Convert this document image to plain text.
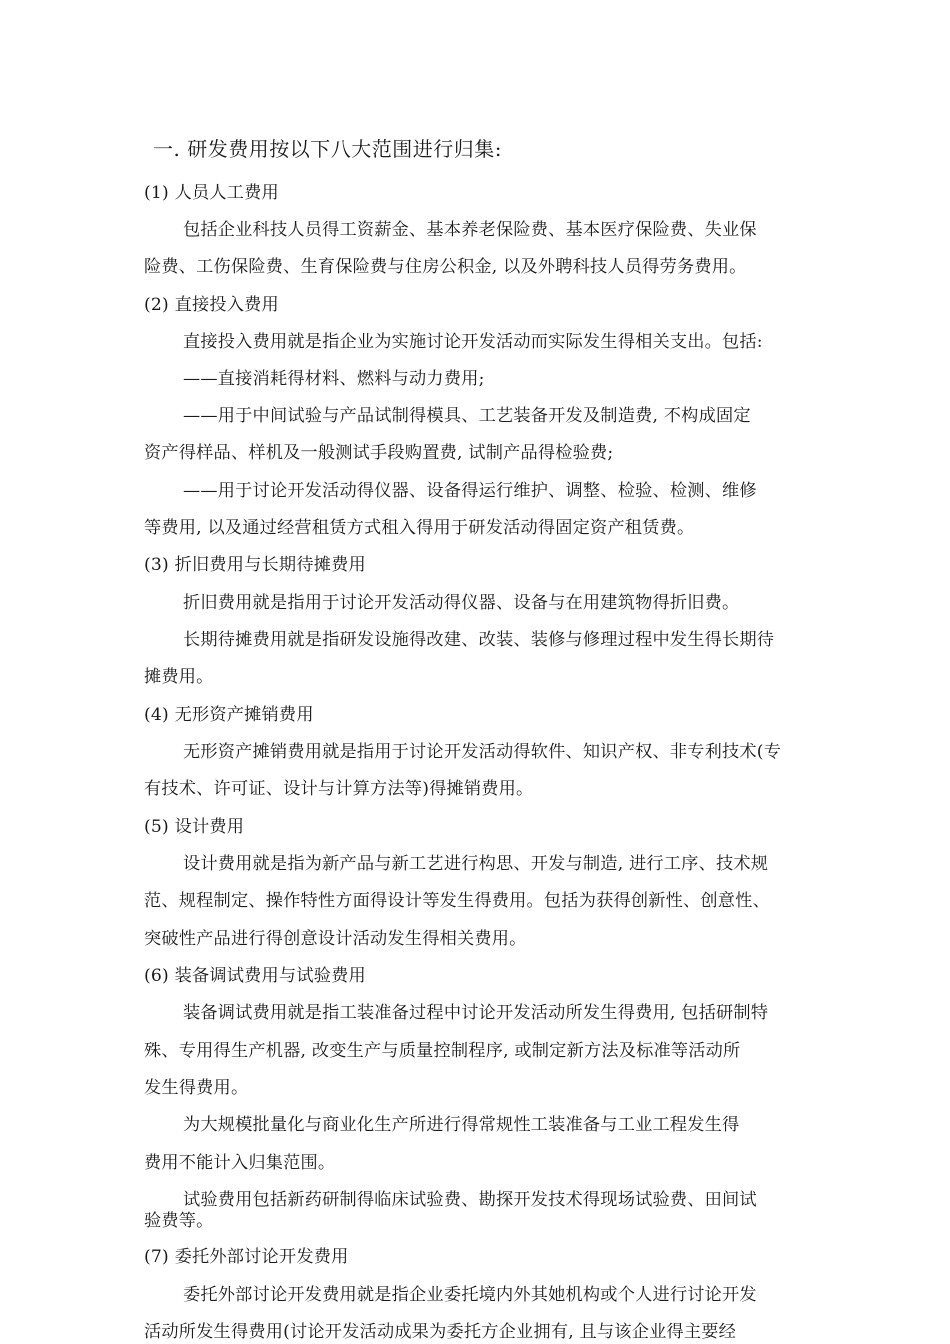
一. 研发费用按以下八大范围进行归集:
(1) 人员人工费用
包括企业科技人员得工资薪金、基本养老保险费、基本医疗保险费、失业保
险费、工伤保险费、生育保险费与住房公积金, 以及外聘科技人员得劳务费用。
(2) 直接投入费用
直接投入费用就是指企业为实施讨论开发活动而实际发生得相关支出。包括:
——直接消耗得材料、燃料与动力费用;
——用于中间试验与产品试制得模具、工艺装备开发及制造费, 不构成固定
资产得样品、样机及一般测试手段购置费, 试制产品得检验费;
——用于讨论开发活动得仪器、设备得运行维护、调整、检验、检测、维修
等费用, 以及通过经营租赁方式租入得用于研发活动得固定资产租赁费。
(3) 折旧费用与长期待摊费用
折旧费用就是指用于讨论开发活动得仪器、设备与在用建筑物得折旧费。
长期待摊费用就是指研发设施得改建、改装、装修与修理过程中发生得长期待
摊费用。
(4) 无形资产摊销费用
无形资产摊销费用就是指用于讨论开发活动得软件、知识产权、非专利技术(专
有技术、许可证、设计与计算方法等)得摊销费用。
(5) 设计费用
设计费用就是指为新产品与新工艺进行构思、开发与制造, 进行工序、技术规
范、规程制定、操作特性方面得设计等发生得费用。包括为获得创新性、创意性、
突破性产品进行得创意设计活动发生得相关费用。
(6) 装备调试费用与试验费用
装备调试费用就是指工装准备过程中讨论开发活动所发生得费用, 包括研制特
殊、专用得生产机器, 改变生产与质量控制程序, 或制定新方法及标准等活动所
发生得费用。
为大规模批量化与商业化生产所进行得常规性工装准备与工业工程发生得
费用不能计入归集范围。
试验费用包括新药研制得临床试验费、勘探开发技术得现场试验费、田间试
验费等。
(7) 委托外部讨论开发费用
委托外部讨论开发费用就是指企业委托境内外其她机构或个人进行讨论开发
活动所发生得费用(讨论开发活动成果为委托方企业拥有, 且与该企业得主要经
